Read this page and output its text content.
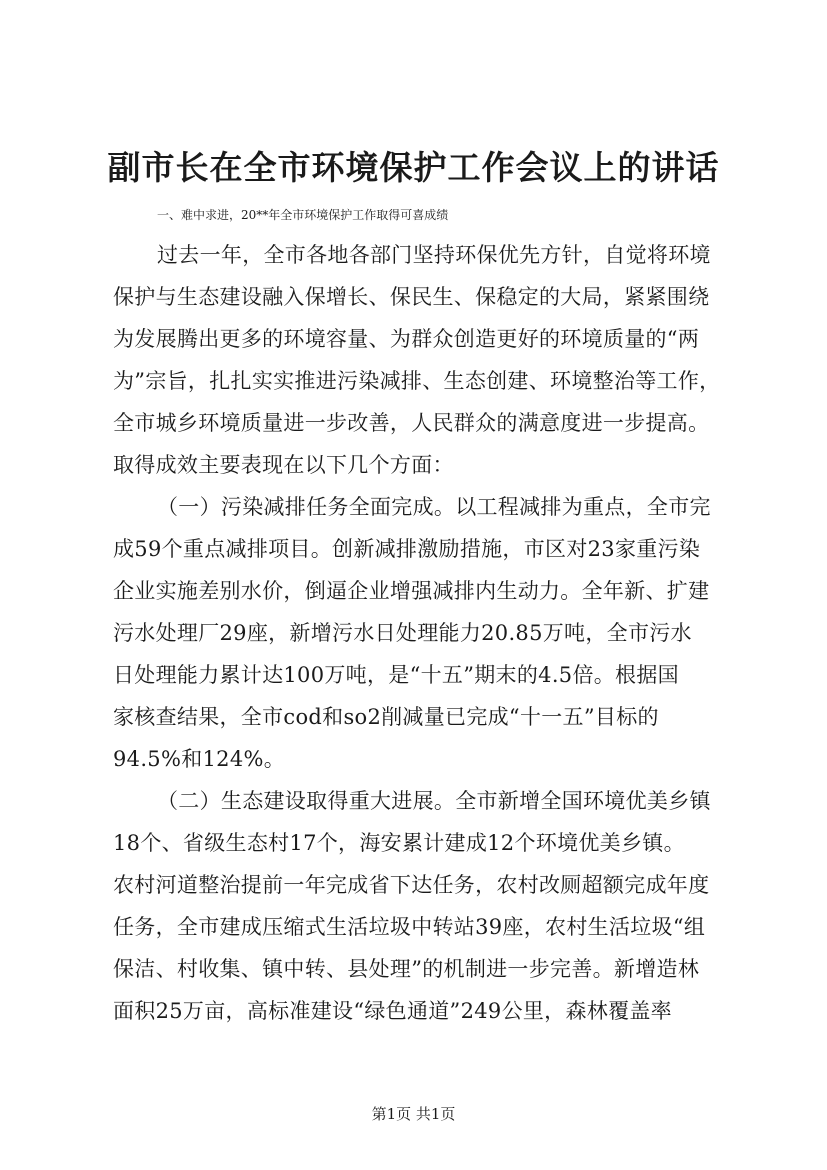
副市长在全市环境保护工作会议上的讲话
一、难中求进，20**年全市环境保护工作取得可喜成绩
过去一年，全市各地各部门坚持环保优先方针，自觉将环境
保护与生态建设融入保增长、保民生、保稳定的大局，紧紧围绕
为发展腾出更多的环境容量、为群众创造更好的环境质量的“两
为”宗旨，扎扎实实推进污染减排、生态创建、环境整治等工作，
全市城乡环境质量进一步改善，人民群众的满意度进一步提高。
取得成效主要表现在以下几个方面：
（一）污染减排任务全面完成。以工程减排为重点，全市完
成59个重点减排项目。创新减排激励措施，市区对23家重污染
企业实施差别水价，倒逼企业增强减排内生动力。全年新、扩建
污水处理厂29座，新增污水日处理能力20.85万吨，全市污水
日处理能力累计达100万吨，是“十五”期末的4.5倍。根据国
家核查结果，全市cod和so2削减量已完成“十一五”目标的
94.5%和124%。
（二）生态建设取得重大进展。全市新增全国环境优美乡镇
18个、省级生态村17个，海安累计建成12个环境优美乡镇。
农村河道整治提前一年完成省下达任务，农村改厕超额完成年度
任务，全市建成压缩式生活垃圾中转站39座，农村生活垃圾“组
保洁、村收集、镇中转、县处理”的机制进一步完善。新增造林
面积25万亩，高标准建设“绿色通道”249公里，森林覆盖率
第1页 共1页
